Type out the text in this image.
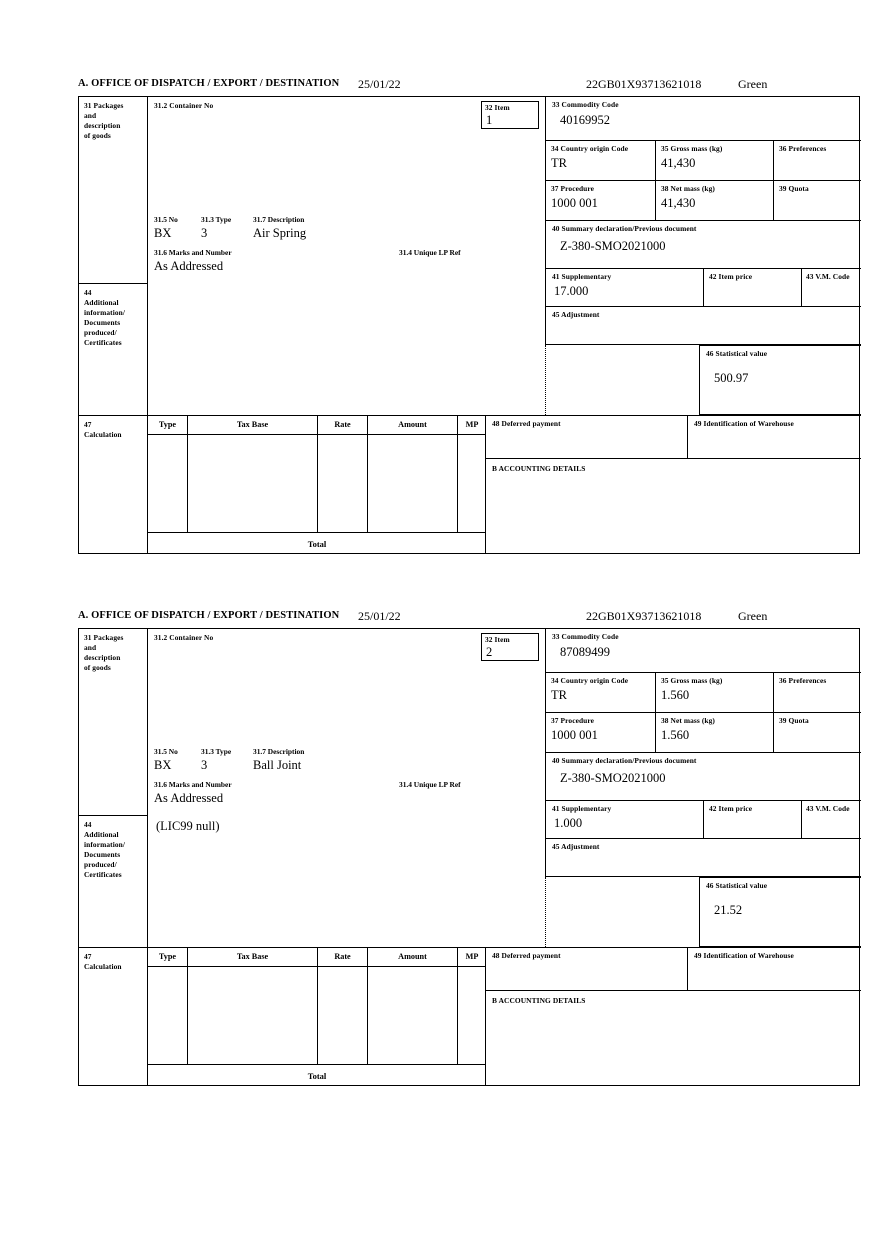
A. OFFICE OF DISPATCH / EXPORT / DESTINATION 25/01/22	22GB01X93713621018	Green
31 Packages
and
description
of goods
31.2 Container No
31.5 No	31.3 Type	31.7 Description
BX 3	Air Spring
31.6 Marks and Number	31.4 Unique LP Ref
As Addressed
32 Item
1
33 Commodity Code
40169952
34 Country origin Code
TR
35 Gross mass (kg)
41,430
36 Preferences
37 Procedure
1000 001
38 Net mass (kg)
41,430
39 Quota
40 Summary declaration/Previous document
Z-380-SMO2021000
41 Supplementary
17.000
42 Item price	43 V.M. Code
45 Adjustment
46 Statistical value
500.97
44
Additional
information/
Documents
produced/
Certificates
47
Calculation
Type	Tax Base	Rate	Amount	MP
Total
48 Deferred payment	49 Identification of Warehouse
B ACCOUNTING DETAILS
A. OFFICE OF DISPATCH / EXPORT / DESTINATION 25/01/22	22GB01X93713621018	Green
31 Packages
and
description
of goods
31.2 Container No
31.5 No	31.3 Type	31.7 Description
BX 3	Ball Joint
31.6 Marks and Number	31.4 Unique LP Ref
As Addressed
32 Item
2
33 Commodity Code
87089499
34 Country origin Code
TR
35 Gross mass (kg)
1.560
36 Preferences
37 Procedure
1000 001
38 Net mass (kg)
1.560
39 Quota
40 Summary declaration/Previous document
Z-380-SMO2021000
41 Supplementary
1.000
42 Item price	43 V.M. Code
45 Adjustment
46 Statistical value
21.52
44
Additional
information/
Documents
produced/
Certificates
(LIC99 null)
47
Calculation
Type	Tax Base	Rate	Amount	MP
Total
48 Deferred payment	49 Identification of Warehouse
B ACCOUNTING DETAILS
